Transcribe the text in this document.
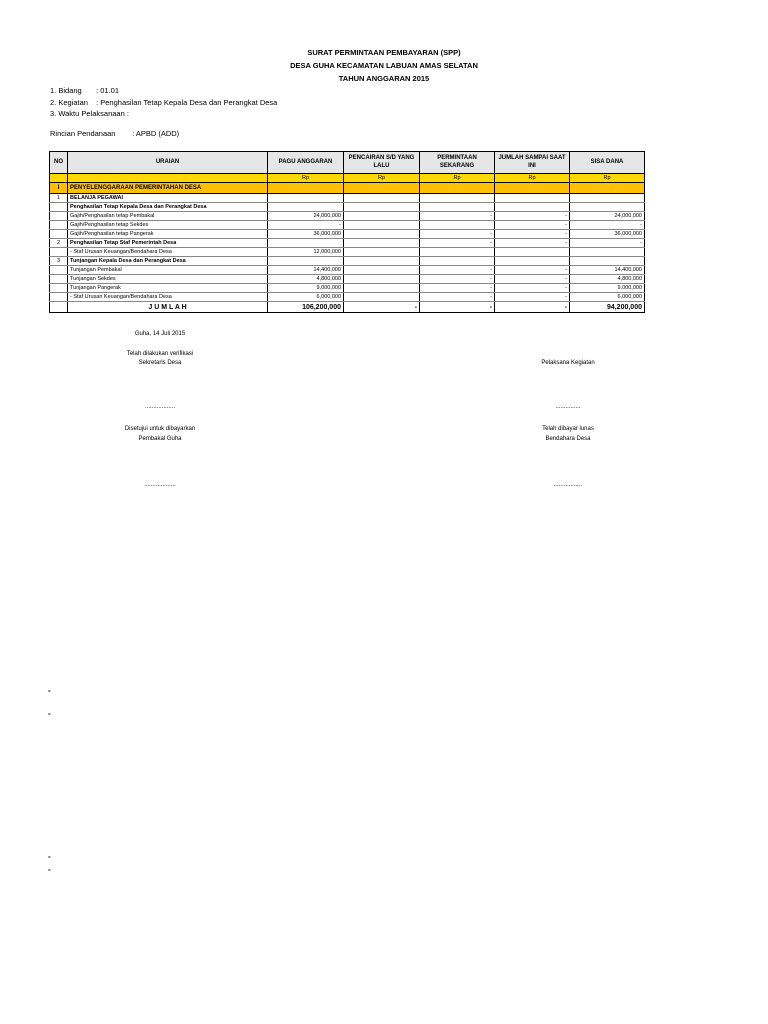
SURAT PERMINTAAN PEMBAYARAN (SPP)
DESA GUHA KECAMATAN LABUAN AMAS SELATAN
TAHUN ANGGARAN 2015
1. Bidang : 01.01
2. Kegiatan : Penghasilan Tetap Kepala Desa dan Perangkat Desa
3. Waktu Pelaksanaan :
Rincian Pendanaan : APBD (ADD)
NO	URAIAN	PAGU ANGGARAN	PENCAIRAN S/D YANG LALU	PERMINTAAN SEKARANG	JUMLAH SAMPAI SAAT INI	SISA DANA
		Rp	Rp	Rp	Rp	Rp
I	PENYELENGGARAAN PEMERINTAHAN DESA					
1	BELANJA PEGAWAI					
	Penghasilan Tetap Kepala Desa dan Perangkat Desa					
	Gajih/Penghasilan tetap Pembakal	24,000,000		-	-	24,000,000
	Gajih/Penghasilan tetap Sekdes	-			-	-
	Gajih/Penghasilan tetap Pangerak	36,000,000		-	-	36,000,000
2	Penghasilan Tetap Staf Pemerintah Desa			-	-	-
	- Staf Urusan Keuangan/Bendahara Desa	12,000,000				
3	Tunjangan Kepala Desa dan Perangkat Desa					
	Tunjangan Pembakal	14,400,000		-	-	14,400,000
	Tunjangan Sekdes	4,800,000		-	-	4,800,000
	Tunjangan Pangerak	9,000,000		-	-	9,000,000
	- Staf Urusan Keuangan/Bendahara Desa	6,000,000		-	-	6,000,000
	J U M L A H	106,200,000	-	-	-	94,200,000
Guha, 14 Juli 2015
Telah dilakukan verifikasi
Sekretaris Desa	Pelaksana Kegiatan
..................	...............
Disetujui untuk dibayarkan
Pembakal Guha
Telah dibayar lunas
Bendahara Desa
...................	.................
-
-
-
-
